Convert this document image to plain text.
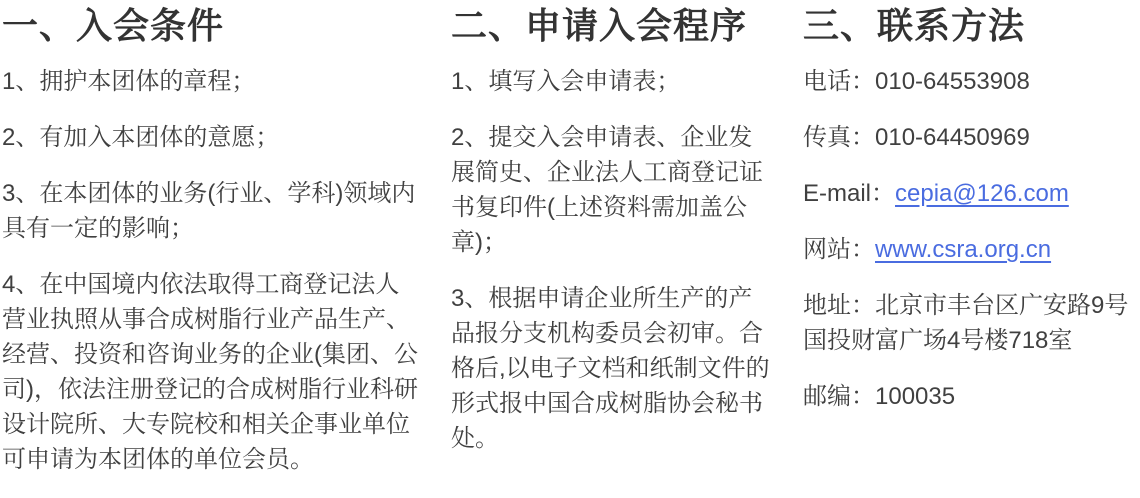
一、入会条件

1、拥护本团体的章程；

2、有加入本团体的意愿；

3、在本团体的业务(行业、学科)领域内具有一定的影响；

4、在中国境内依法取得工商登记法人营业执照从事合成树脂行业产品生产、经营、投资和咨询业务的企业(集团、公司)，依法注册登记的合成树脂行业科研设计院所、大专院校和相关企事业单位可申请为本团体的单位会员。

二、申请入会程序

1、填写入会申请表；

2、提交入会申请表、企业发展简史、企业法人工商登记证书复印件(上述资料需加盖公章)；

3、根据申请企业所生产的产品报分支机构委员会初审。合格后,以电子文档和纸制文件的形式报中国合成树脂协会秘书处。

三、联系方法

电话：010-64553908

传真：010-64450969

E-mail：cepia@126.com

网站：www.csra.org.cn

地址：北京市丰台区广安路9号国投财富广场4号楼718室

邮编：100035
